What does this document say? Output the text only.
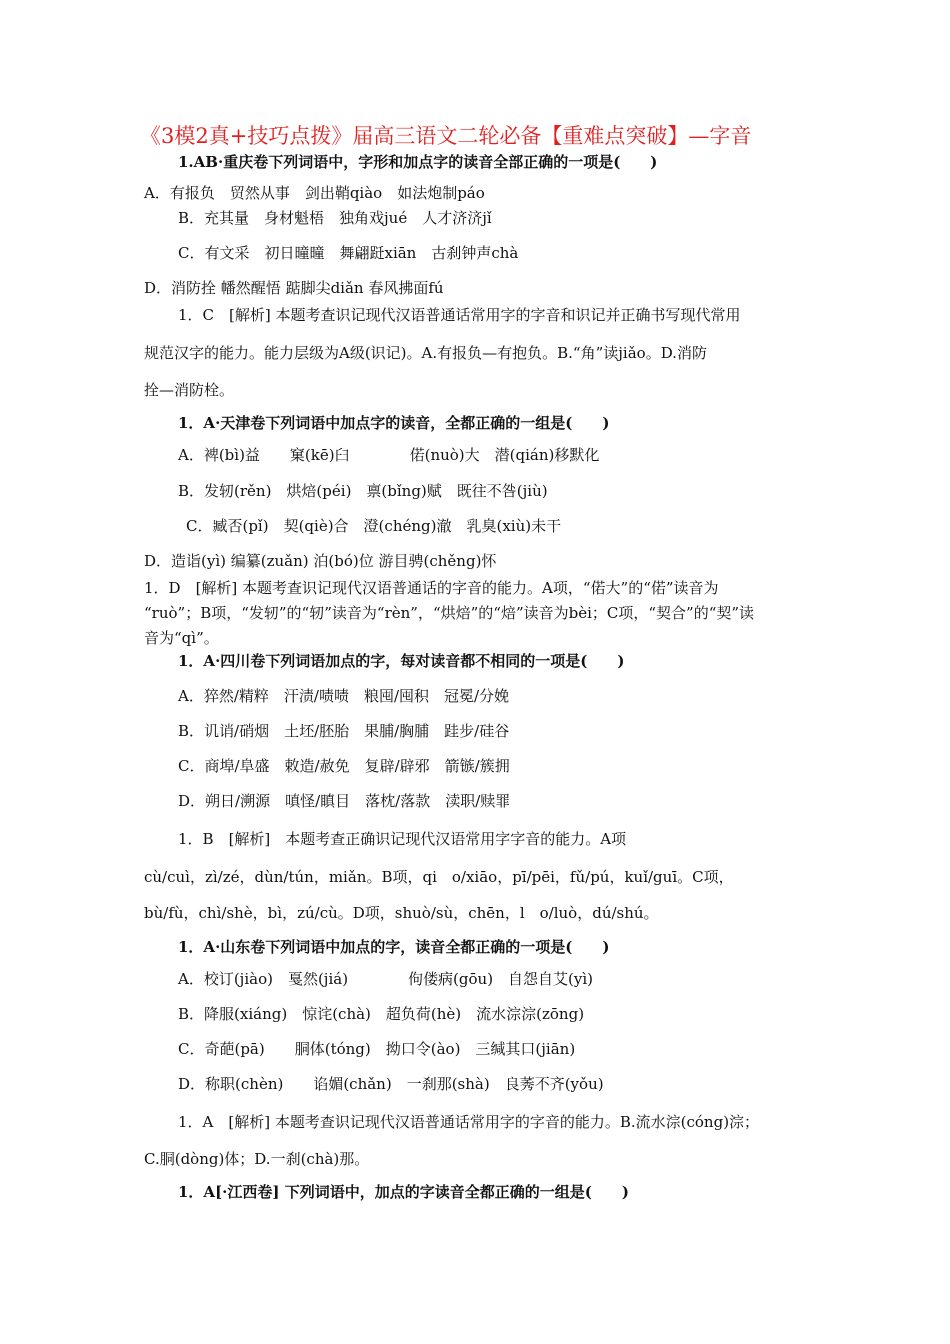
《3模2真+技巧点拨》届高三语文二轮必备【重难点突破】—字音
1.AB·重庆卷下列词语中，字形和加点字的读音全部正确的一项是(　　)
A．有报负　贸然从事　剑出鞘qiào　如法炮制páo
B．充其量　身材魁梧　独角戏jué　人才济济jǐ
C．有文采　初日曈曈　舞翩跹xiān　古刹钟声chà
D．消防拴 幡然醒悟 踮脚尖diǎn 春风拂面fú
1．C　[解析] 本题考查识记现代汉语普通话常用字的字音和识记并正确书写现代常用
规范汉字的能力。能力层级为A级(识记)。A.有报负—有抱负。B.“角”读jiǎo。D.消防
拴—消防栓。
1．A·天津卷下列词语中加点字的读音，全都正确的一组是(　　)
A．裨(bì)益　　窠(kē)臼　　　　偌(nuò)大　潜(qián)移默化
B．发轫(rěn)　烘焙(péi)　禀(bǐng)赋　既往不咎(jiù)
C．臧否(pǐ)　契(qiè)合　澄(chéng)澈　乳臭(xiù)未干
D．造诣(yì) 编纂(zuǎn) 泊(bó)位 游目骋(chěng)怀
1．D　[解析] 本题考查识记现代汉语普通话的字音的能力。A项，“偌大”的“偌”读音为
“ruò”；B项，“发轫”的“轫”读音为“rèn”，“烘焙”的“焙”读音为bèi；C项，“契合”的“契”读
音为“qì”。
1．A·四川卷下列词语加点的字，每对读音都不相同的一项是(　　)
A．猝然/精粹　汗渍/啧啧　粮囤/囤积　冠冕/分娩
B．讥诮/硝烟　土坯/胚胎　果脯/胸脯　跬步/硅谷
C．商埠/阜盛　敕造/赦免　复辟/辟邪　箭镞/簇拥
D．朔日/溯源　嗔怪/瞋目　落枕/落款　渎职/赎罪
1．B　[解析]　本题考查正确识记现代汉语常用字字音的能力。A项
cù/cuì，zì/zé，dùn/tún，miǎn。B项，qi　o/xiāo，pī/pēi，fǔ/pú，kuǐ/guī。C项，
bù/fù，chì/shè，bì，zú/cù。D项，shuò/sù，chēn，l　o/luò，dú/shú。
1．A·山东卷下列词语中加点的字，读音全都正确的一项是(　　)
A．校订(jiào)　戛然(jiá)　　　　佝偻病(gōu)　自怨自艾(yì)
B．降服(xiáng)　惊诧(chà)　超负荷(hè)　流水淙淙(zōng)
C．奇葩(pā)　　胴体(tóng)　拗口令(ào)　三缄其口(jiān)
D．称职(chèn)　　谄媚(chǎn)　一刹那(shà)　良莠不齐(yǒu)
1．A　[解析] 本题考查识记现代汉语普通话常用字的字音的能力。B.流水淙(cóng)淙；
C.胴(dòng)体；D.一刹(chà)那。
1．A[·江西卷] 下列词语中，加点的字读音全都正确的一组是(　　)
